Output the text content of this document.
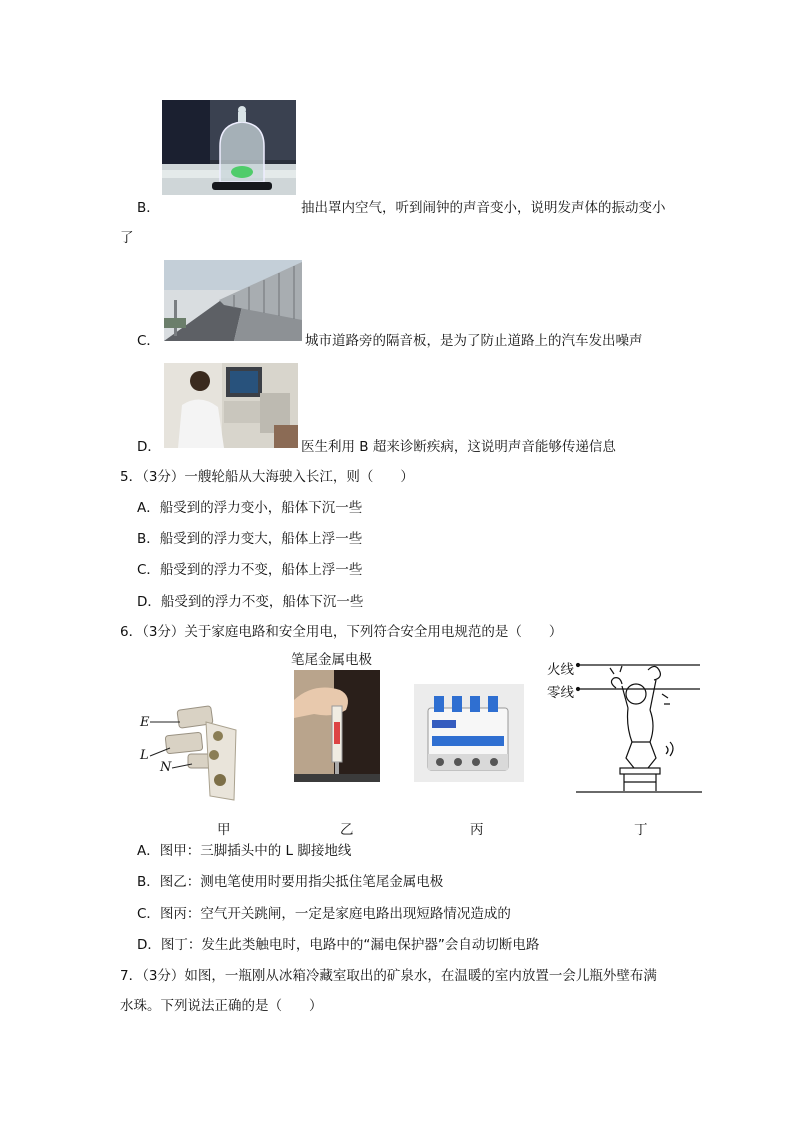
B．	抽出罩内空气，听到闹钟的声音变小，说明发声体的振动变小
了
C．	城市道路旁的隔音板，是为了防止道路上的汽车发出噪声
D．	医生利用 B 超来诊断疾病，这说明声音能够传递信息
5．（3分）一艘轮船从大海驶入长江，则（　　）
A．船受到的浮力变小，船体下沉一些
B．船受到的浮力变大，船体上浮一些
C．船受到的浮力不变，船体上浮一些
D．船受到的浮力不变，船体下沉一些
6．（3分）关于家庭电路和安全用电，下列符合安全用电规范的是（　　）
E
L
N
甲
笔尾金属电极
乙	丙
火线
零线
丁
A．图甲：三脚插头中的 L 脚接地线
B．图乙：测电笔使用时要用指尖抵住笔尾金属电极
C．图丙：空气开关跳闸，一定是家庭电路出现短路情况造成的
D．图丁：发生此类触电时，电路中的“漏电保护器”会自动切断电路
7．（3分）如图，一瓶刚从冰箱冷藏室取出的矿泉水，在温暖的室内放置一会儿瓶外壁布满
水珠。下列说法正确的是（　　）
